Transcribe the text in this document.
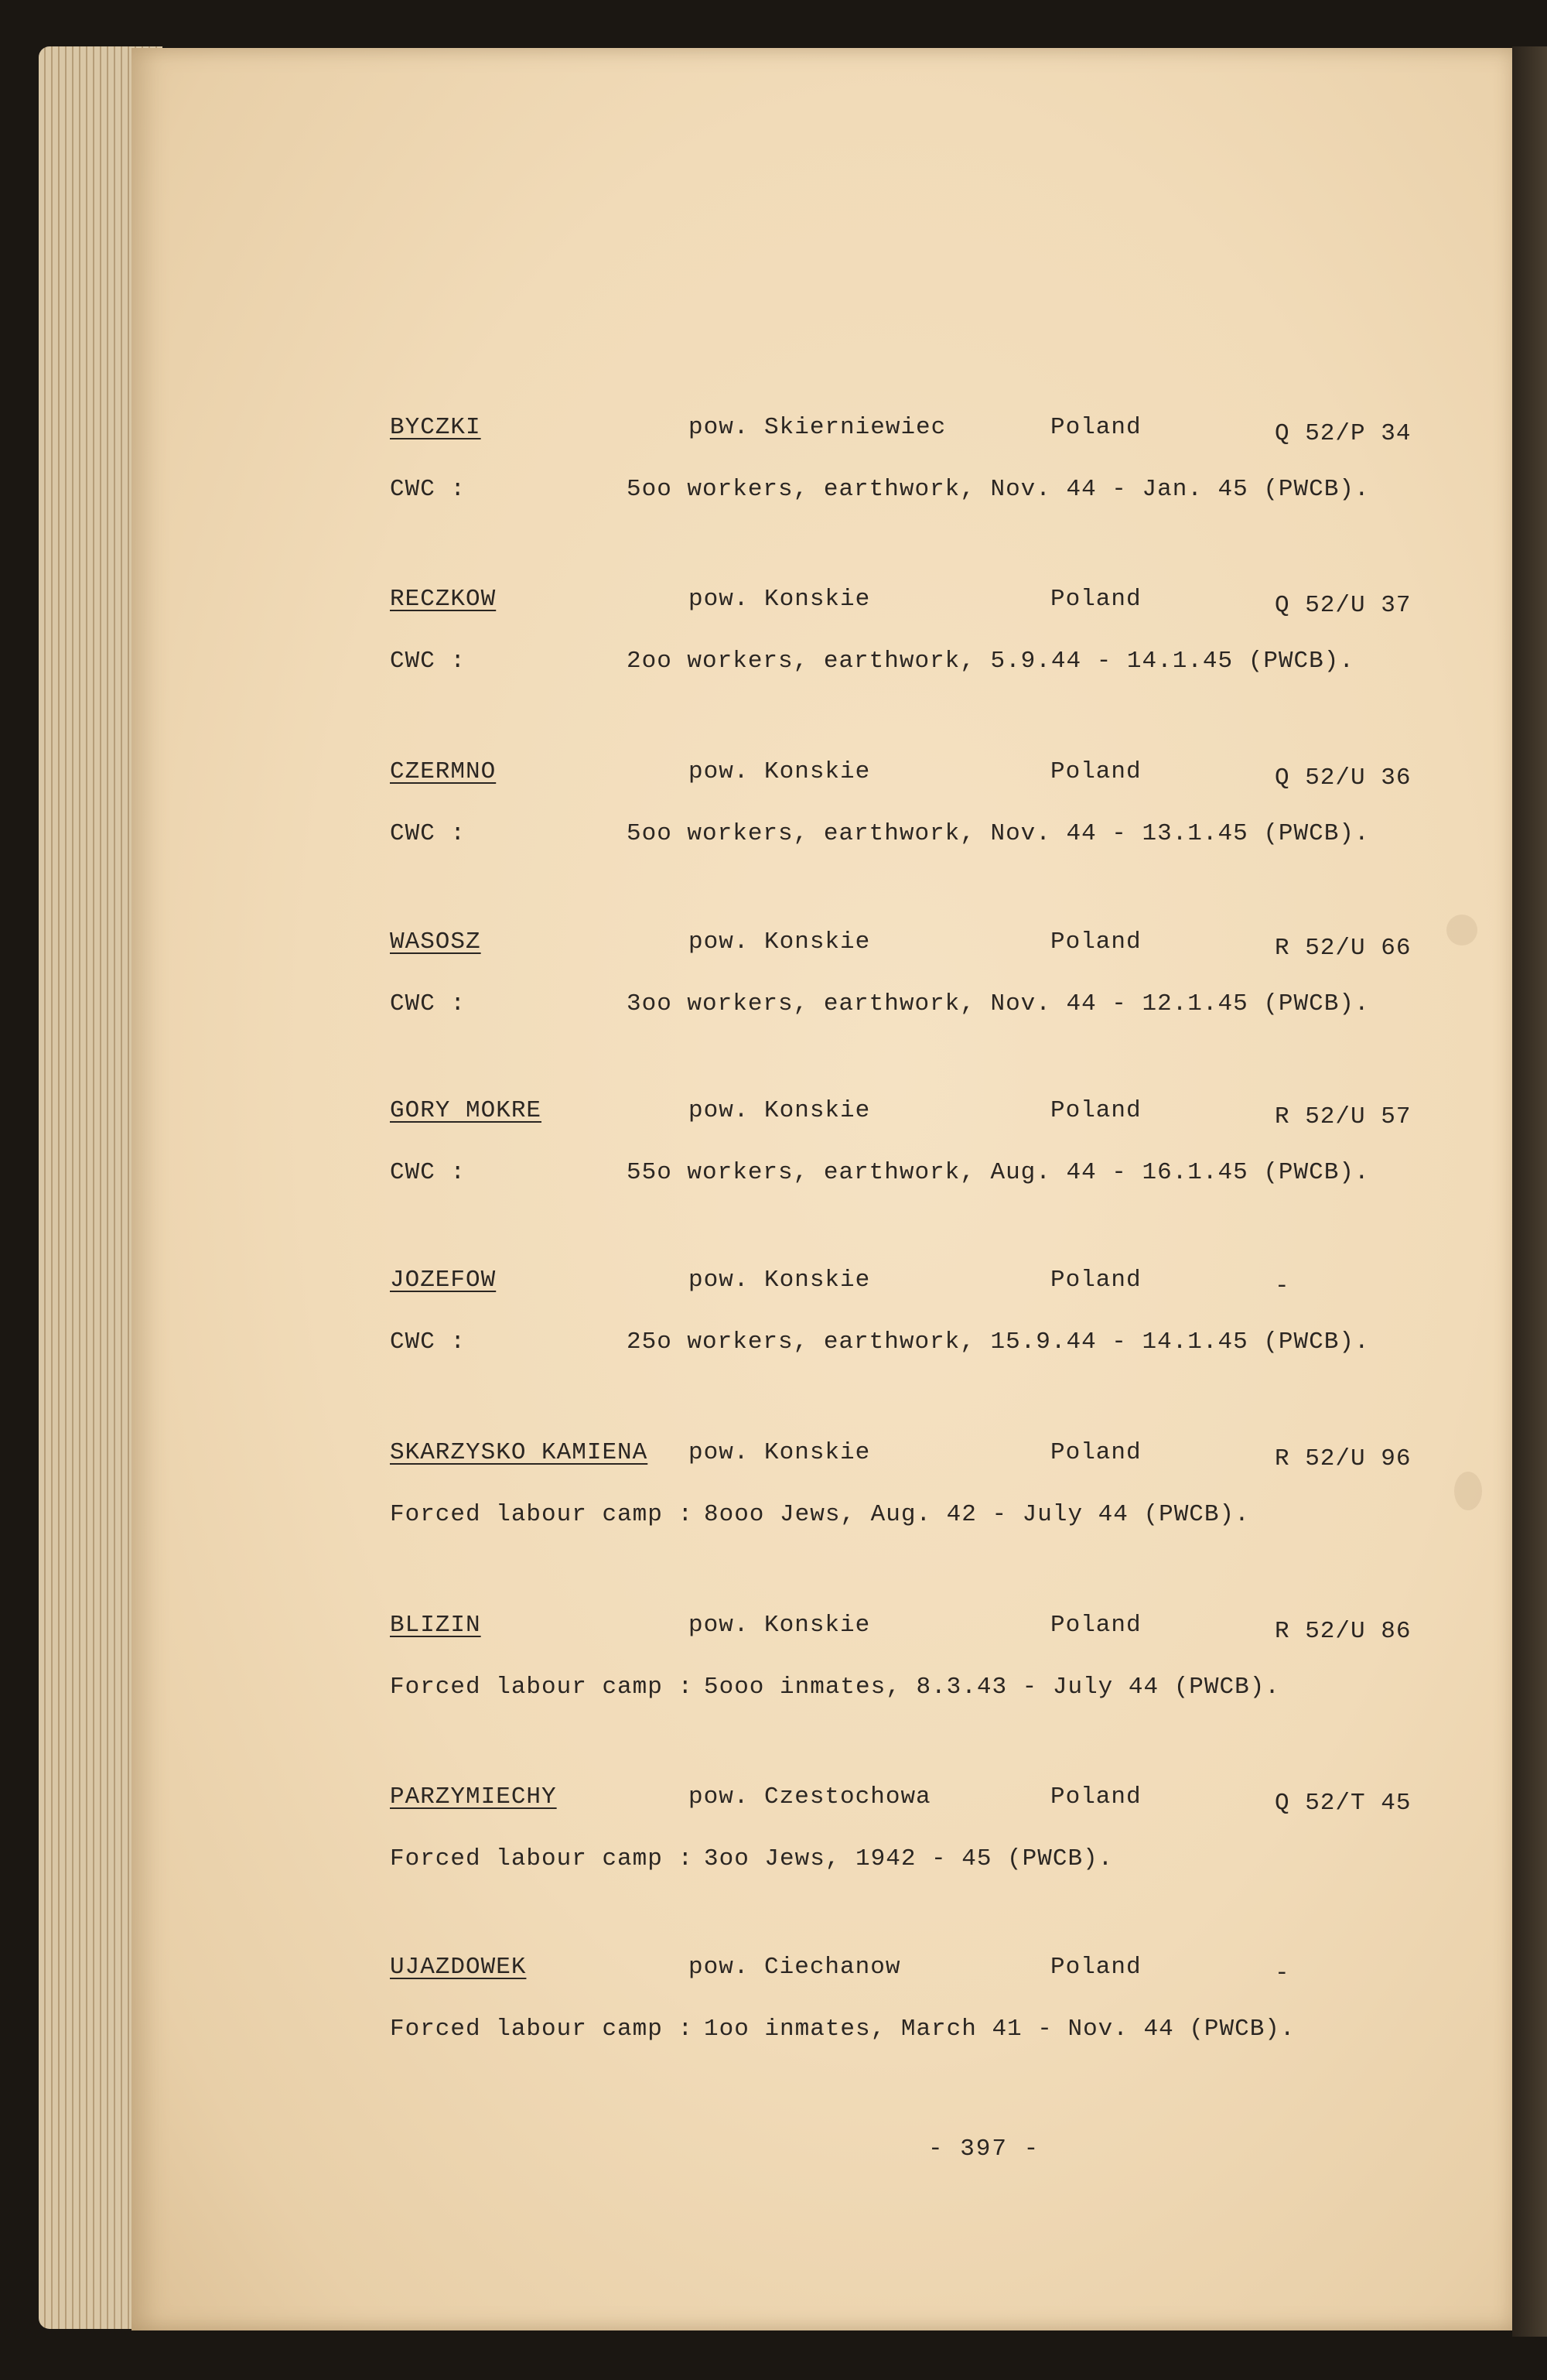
BYCZKI	pow. Skierniewiec	Poland	Q 52/P 34
CWC :	5oo workers, earthwork, Nov. 44 - Jan. 45 (PWCB).
RECZKOW	pow. Konskie	Poland	Q 52/U 37
CWC :	2oo workers, earthwork, 5.9.44 - 14.1.45 (PWCB).
CZERMNO	pow. Konskie	Poland	Q 52/U 36
CWC :	5oo workers, earthwork, Nov. 44 - 13.1.45 (PWCB).
WASOSZ	pow. Konskie	Poland	R 52/U 66
CWC :	3oo workers, earthwork, Nov. 44 - 12.1.45 (PWCB).
GORY MOKRE	pow. Konskie	Poland	R 52/U 57
CWC :	55o workers, earthwork, Aug. 44 - 16.1.45 (PWCB).
JOZEFOW	pow. Konskie	Poland	-
CWC :	25o workers, earthwork, 15.9.44 - 14.1.45 (PWCB).
SKARZYSKO KAMIENA pow. Konskie	Poland	R 52/U 96
Forced labour camp : 8ooo Jews, Aug. 42 - July 44 (PWCB).
BLIZIN	pow. Konskie	Poland	R 52/U 86
Forced labour camp : 5ooo inmates, 8.3.43 - July 44 (PWCB).
PARZYMIECHY	pow. Czestochowa	Poland	Q 52/T 45
Forced labour camp : 3oo Jews, 1942 - 45 (PWCB).
UJAZDOWEK	pow. Ciechanow	Poland	-
Forced labour camp : 1oo inmates, March 41 - Nov. 44 (PWCB).
- 397 -
